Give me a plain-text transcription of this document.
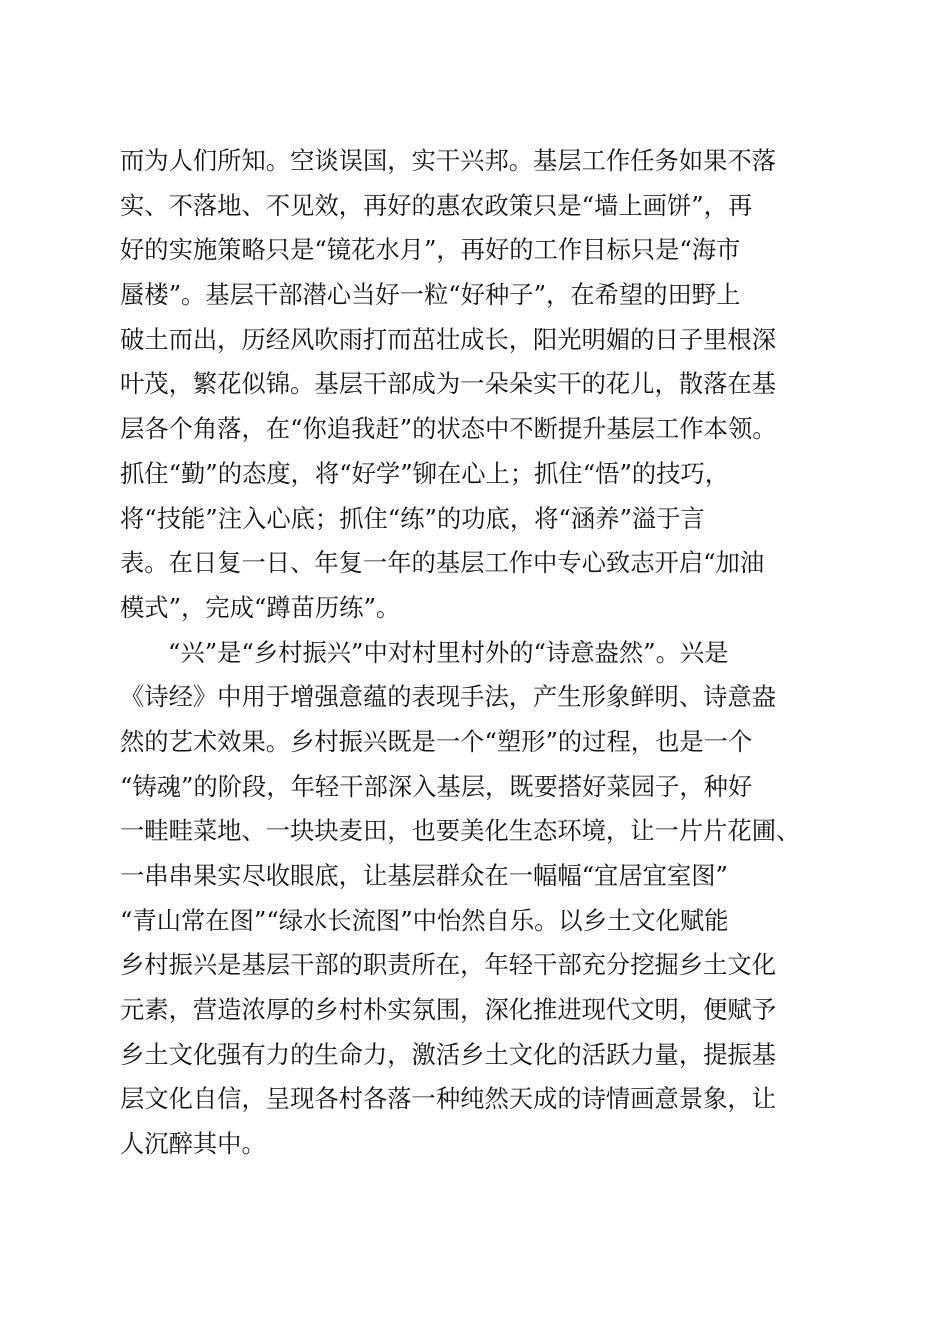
而为人们所知。空谈误国，实干兴邦。基层工作任务如果不落
实、不落地、不见效，再好的惠农政策只是“墙上画饼”，再
好的实施策略只是“镜花水月”，再好的工作目标只是“海市
蜃楼”。基层干部潜心当好一粒“好种子”，在希望的田野上
破土而出，历经风吹雨打而茁壮成长，阳光明媚的日子里根深
叶茂，繁花似锦。基层干部成为一朵朵实干的花儿，散落在基
层各个角落，在“你追我赶”的状态中不断提升基层工作本领。
抓住“勤”的态度，将“好学”铆在心上；抓住“悟”的技巧，
将“技能”注入心底；抓住“练”的功底，将“涵养”溢于言
表。在日复一日、年复一年的基层工作中专心致志开启“加油
模式”，完成“蹲苗历练”。
“兴”是“乡村振兴”中对村里村外的“诗意盎然”。兴是
《诗经》中用于增强意蕴的表现手法，产生形象鲜明、诗意盎
然的艺术效果。乡村振兴既是一个“塑形”的过程，也是一个
“铸魂”的阶段，年轻干部深入基层，既要搭好菜园子，种好
一畦畦菜地、一块块麦田，也要美化生态环境，让一片片花圃、
一串串果实尽收眼底，让基层群众在一幅幅“宜居宜室图”
“青山常在图”“绿水长流图”中怡然自乐。以乡土文化赋能
乡村振兴是基层干部的职责所在，年轻干部充分挖掘乡土文化
元素，营造浓厚的乡村朴实氛围，深化推进现代文明，便赋予
乡土文化强有力的生命力，激活乡土文化的活跃力量，提振基
层文化自信，呈现各村各落一种纯然天成的诗情画意景象，让
人沉醉其中。
